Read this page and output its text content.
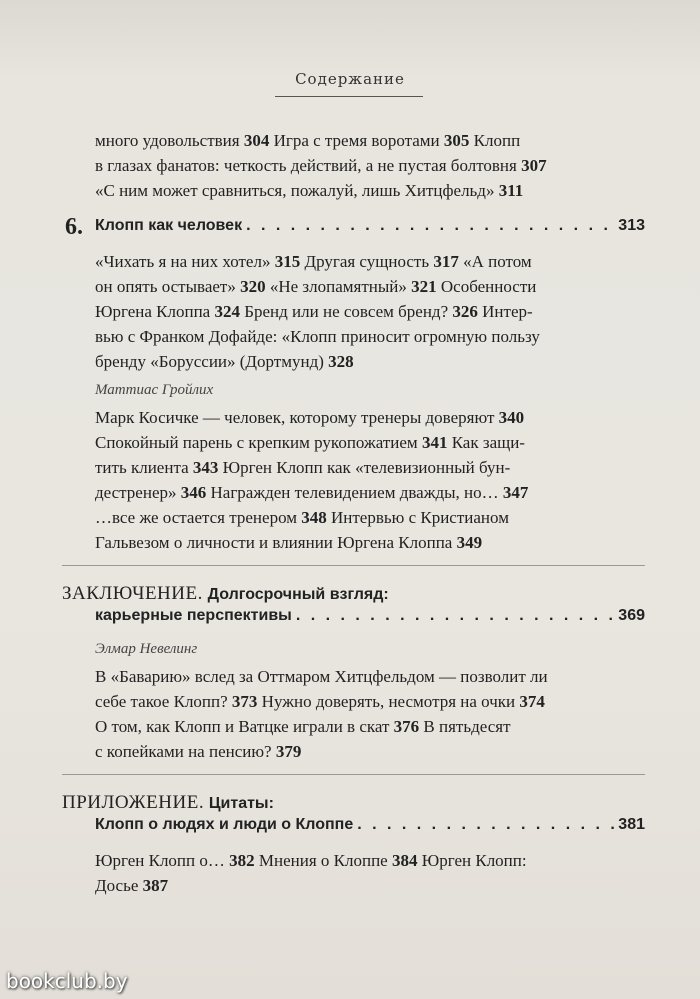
Содержание

много удовольствия 304 Игра с тремя воротами 305 Клопп
в глазах фанатов: четкость действий, а не пустая болтовня 307
«С ним может сравниться, пожалуй, лишь Хитцфельд» 311

6. Клопп как человек . . .	313

«Чихать я на них хотел» 315 Другая сущность 317 «А потом
он опять остывает» 320 «Не злопамятный» 321 Особенности
Юргена Клоппа 324 Бренд или не совсем бренд? 326 Интер-
вью с Франком Дофайде: «Клопп приносит огромную пользу
бренду «Боруссии» (Дортмунд) 328

Маттиас Гройлих

Марк Косичке — человек, которому тренеры доверяют 340
Спокойный парень с крепким рукопожатием 341 Как защи-
тить клиента 343 Юрген Клопп как «телевизионный бун-
дестренер» 346 Награжден телевидением дважды, но… 347
…все же остается тренером 348 Интервью с Кристианом
Гальвезом о личности и влиянии Юргена Клоппа 349

ЗАКЛЮЧЕНИЕ. Долгосрочный взгляд:
карьерные перспективы . . .	369
Элмар Невелинг

В «Баварию» вслед за Оттмаром Хитцфельдом — позволит ли
себе такое Клопп? 373 Нужно доверять, несмотря на очки 374
О том, как Клопп и Ватцке играли в скат 376 В пятьдесят
с копейками на пенсию? 379

ПРИЛОЖЕНИЕ. Цитаты:
Клопп о людях и люди о Клоппе . . .	381

Юрген Клопп о… 382 Мнения о Клоппе 384 Юрген Клопп:
Досье 387

bookclub.by
